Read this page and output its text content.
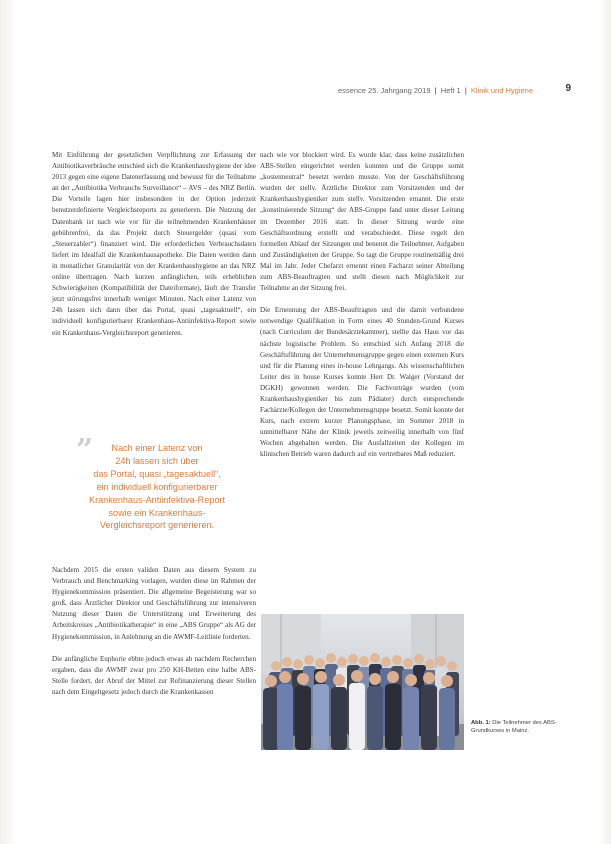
essence 25. Jahrgang 2019 | Heft 1 | Klinik und Hygiene	9

Mit Einführung der gesetzlichen Verpflichtung zur Erfassung der Antibiotikaverbräuche entschied sich die Krankenhaushygiene der idee 2013 gegen eine eigene Datenerfassung und bewusst für die Teilnahme an der „Antibiotika Verbrauchs Surveillance“ – AVS – des NRZ Berlin. Die Vorteile lagen hier insbesondere in der Option jederzeit benutzerdefinierte Vergleichsreports zu generieren. Die Nutzung der Datenbank ist nach wie vor für die teilnehmenden Krankenhäuser gebührenfrei, da das Projekt durch Steuergelder (quasi vom „Steuerzahler“) finanziert wird. Die erforderlichen Verbrauchsdaten liefert im Idealfall die Krankenhausapotheke. Die Daten werden dann in monatlicher Granularität von der Krankenhaushygiene an das NRZ online übertragen. Nach kurzen anfänglichen, teils erheblichen Schwierigkeiten (Kompatibilität der Dateiformate), läuft der Transfer jetzt störungsfrei innerhalb weniger Minuten. Nach einer Latenz von 24h lassen sich dann über das Portal, quasi „tagesaktuell“, ein individuell konfigurierbarer Krankenhaus-Antiinfektiva-Report sowie ein Krankenhaus-Vergleichsreport generieren.

”	Nach einer Latenz von
24h lassen sich über
das Portal, quasi „tagesaktuell“,
ein individuell konfigurierbarer
Krankenhaus-Antiinfektiva-Report
sowie ein Krankenhaus-
Vergleichsreport generieren.

Nachdem 2015 die ersten validen Daten aus diesem System zu Verbrauch und Benchmarking vorlagen, wurden diese im Rahmen der Hygienekommission präsentiert. Die allgemeine Begeisterung war so groß, dass Ärztlicher Direktor und Geschäftsführung zur intensiveren Nutzung dieser Daten die Unterstützung und Erweiterung des Arbeitskreises „Antibiotikatherapie“ in eine „ABS Gruppe“ als AG der Hygienekommission, in Anlehnung an die AWMF-Leitlinie forderten.

Die anfängliche Euphorie ebbte jedoch etwas ab nachdem Recherchen ergaben, dass die AWMF zwar pro 250 KH-Betten eine halbe ABS-Stelle fordert, der Abruf der Mittel zur Refinanzierung dieser Stellen nach dem Eingeltgesetz jedoch durch die Krankenkassen

nach wie vor blockiert wird. Es wurde klar, dass keine zusätzlichen ABS-Stellen eingerichtet werden konnten und die Gruppe somit „kostenneutral“ besetzt werden musste. Von der Geschäftsführung wurden der stellv. Ärztliche Direktor zum Vorsitzenden und der Krankenhaushygieniker zum stellv. Vorsitzenden ernannt. Die erste „konstituierende Sitzung“ der ABS-Gruppe fand unter dieser Leitung im Dezember 2016 statt. In dieser Sitzung wurde eine Geschäftsordnung erstellt und verabschiedet. Diese regelt den formellen Ablauf der Sitzungen und benennt die Teilnehmer, Aufgaben und Zuständigkeiten der Gruppe. So tagt die Gruppe routinemäßig drei Mal im Jahr. Jeder Chefarzt ernennt einen Facharzt seiner Abteilung zum ABS-Beauftragten und stellt diesen nach Möglichkeit zur Teilnahme an der Sitzung frei.

Die Ernennung der ABS-Beauftragten und die damit verbundene notwendige Qualifikation in Form eines 40 Stunden-Grund Kurses (nach Curriculum der Bundesärztekammer), stellte das Haus vor das nächste logistische Problem. So entschied sich Anfang 2018 die Geschäftsführung der Unternehmensgruppe gegen einen externen Kurs und für die Planung eines in-house Lehrgangs. Als wissenschaftlichen Leiter des in house Kurses konnte Herr Dr. Walger (Vorstand der DGKH) gewonnen werden. Die Fachvorträge wurden (vom Krankenhaushygieniker bis zum Pädiater) durch entsprechende Fachärzte/Kollegen der Unternehmensgruppe besetzt. Somit konnte der Kurs, nach extrem kurzer Planungsphase, im Sommer 2018 in unmittelbarer Nähe der Klinik jeweils zeitweilig innerhalb von fünf Wochen abgehalten werden. Die Ausfallzeiten der Kollegen im klinischen Betrieb waren dadurch auf ein vertretbares Maß reduziert.

Abb. 1: Die Teilnehmer des ABS-Grundkurses in Mainz.
